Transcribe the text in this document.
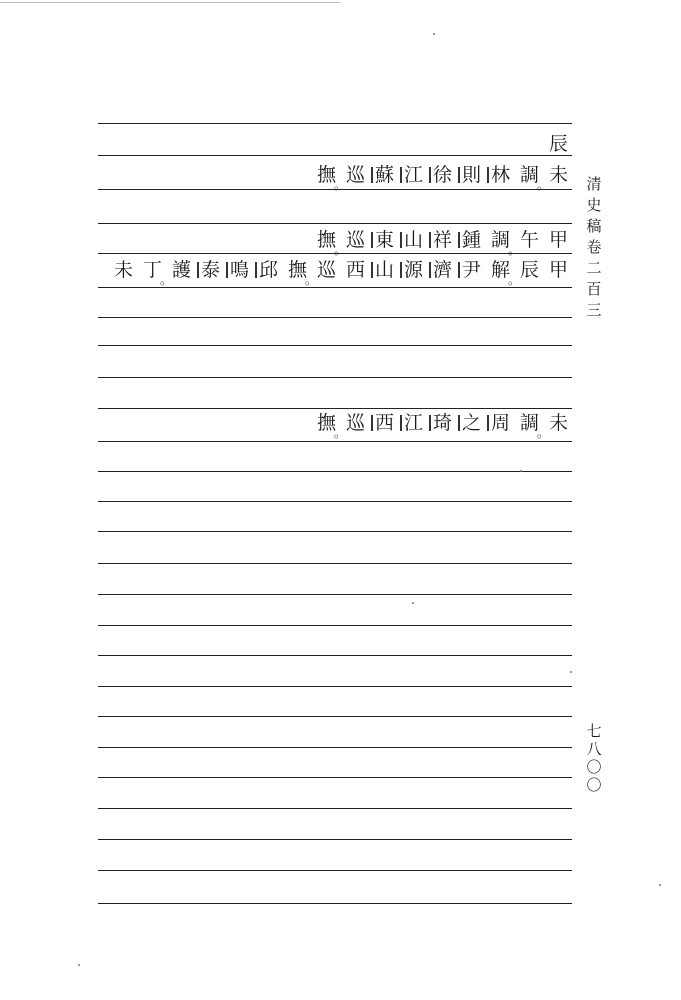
辰
未 。
調
林
則
徐
江
蘇
巡 。
撫
甲
午 。
調
鍾
祥
山
東
巡 。
撫
甲
辰 。
解
尹
濟
源
山
西
巡 。
撫
邱
鳴
泰
護 。
丁
未
未 。
調
周
之
琦
江
西
巡 。
撫
清
史
稿
卷
二
百
三
七
八
〇
〇
